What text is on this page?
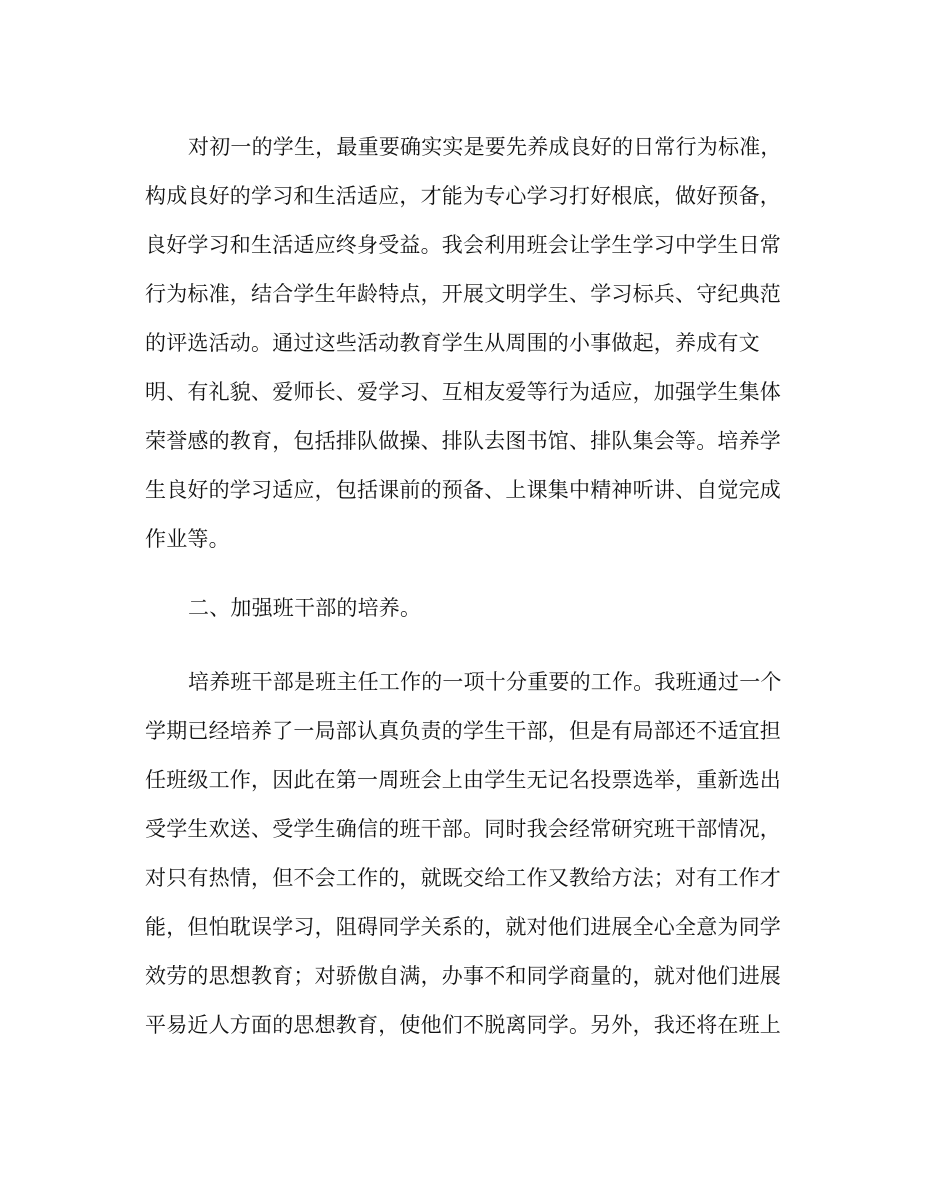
对初一的学生，最重要确实实是要先养成良好的日常行为标准，
构成良好的学习和生活适应，才能为专心学习打好根底，做好预备，
良好学习和生活适应终身受益。我会利用班会让学生学习中学生日常
行为标准，结合学生年龄特点，开展文明学生、学习标兵、守纪典范
的评选活动。通过这些活动教育学生从周围的小事做起，养成有文
明、有礼貌、爱师长、爱学习、互相友爱等行为适应，加强学生集体
荣誉感的教育，包括排队做操、排队去图书馆、排队集会等。培养学
生良好的学习适应，包括课前的预备、上课集中精神听讲、自觉完成
作业等。
二、加强班干部的培养。
培养班干部是班主任工作的一项十分重要的工作。我班通过一个
学期已经培养了一局部认真负责的学生干部，但是有局部还不适宜担
任班级工作，因此在第一周班会上由学生无记名投票选举，重新选出
受学生欢送、受学生确信的班干部。同时我会经常研究班干部情况，
对只有热情，但不会工作的，就既交给工作又教给方法；对有工作才
能，但怕耽误学习，阻碍同学关系的，就对他们进展全心全意为同学
效劳的思想教育；对骄傲自满，办事不和同学商量的，就对他们进展
平易近人方面的思想教育，使他们不脱离同学。另外，我还将在班上
